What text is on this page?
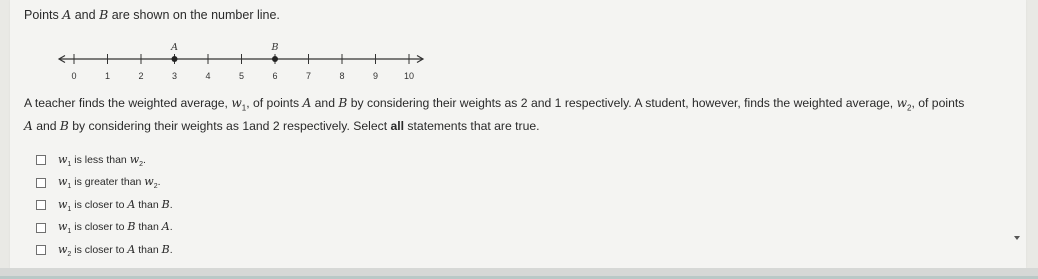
Points A and B are shown on the number line.
0	1	2	3	4	5	6	7	8	9	10
A	B
A teacher finds the weighted average, $w_1$, of points A and B by considering their weights as 2 and 1 respectively. A student, however, finds the weighted average, $w_2$, of points
A and B by considering their weights as 1and 2 respectively. Select all statements that are true.
$w_1$ is less than $w_2$.
$w_1$ is greater than $w_2$.
$w_1$ is closer to A than B.
$w_1$ is closer to B than A.
$w_2$ is closer to A than B.
